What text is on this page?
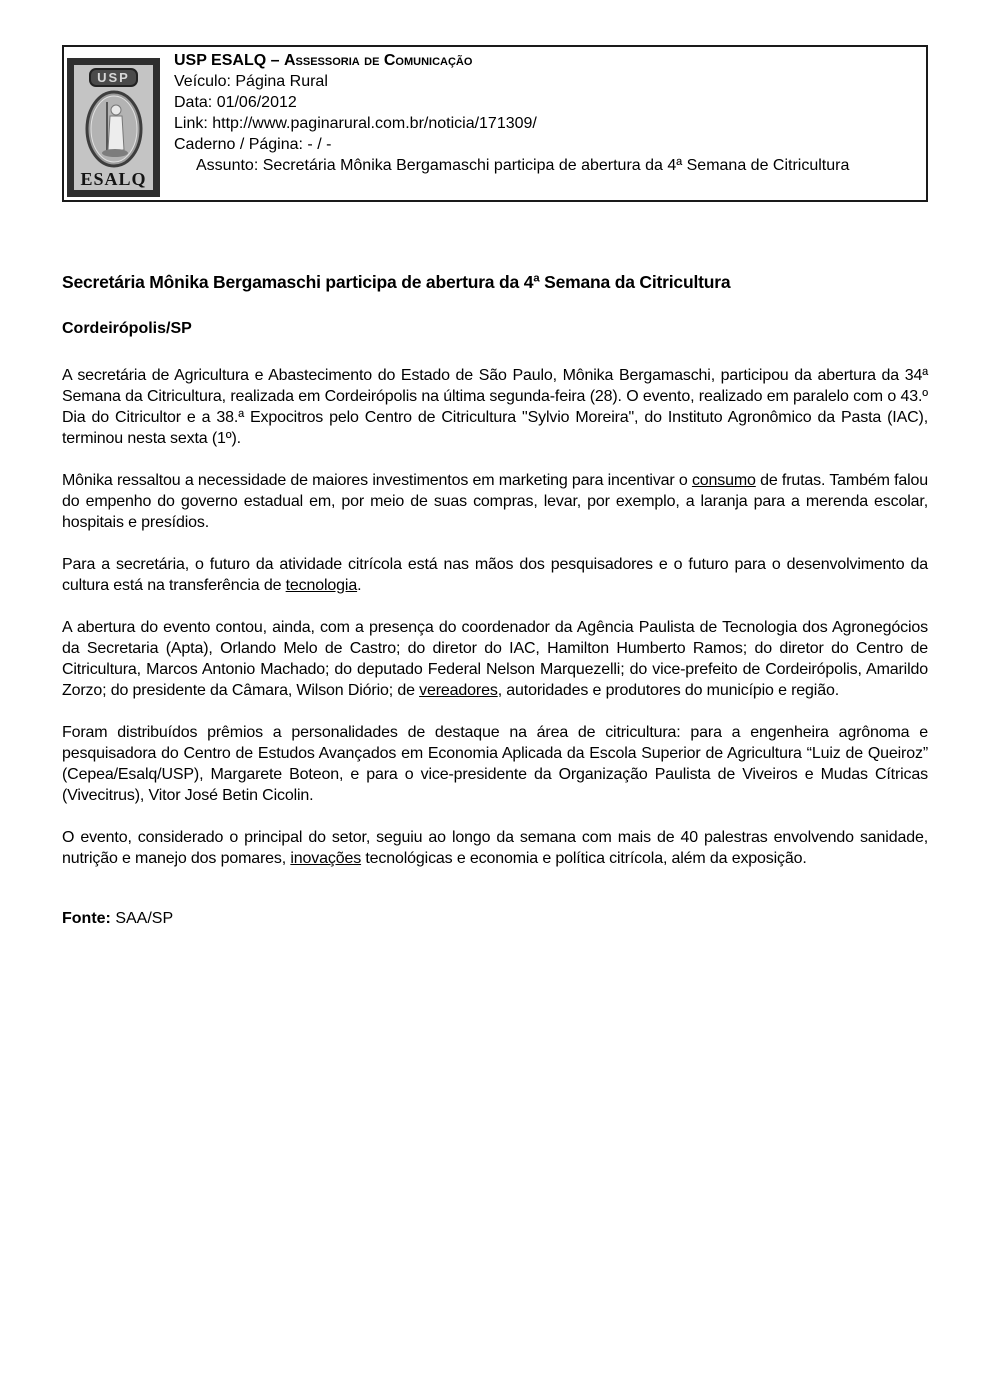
USP
ESALQ

USP ESALQ – Assessoria de Comunicação

Veículo: Página Rural

Data: 01/06/2012

Link: http://www.paginarural.com.br/noticia/171309/

Caderno / Página: - / -

Assunto: Secretária Mônika Bergamaschi participa de abertura da 4ª Semana de Citricultura

Secretária Mônika Bergamaschi participa de abertura da 4ª Semana da Citricultura

Cordeirópolis/SP

A secretária de Agricultura e Abastecimento do Estado de São Paulo, Mônika Bergamaschi, participou da abertura da 34ª Semana da Citricultura, realizada em Cordeirópolis na última segunda-feira (28). O evento, realizado em paralelo com o 43.º Dia do Citricultor e a 38.ª Expocitros pelo Centro de Citricultura "Sylvio Moreira", do Instituto Agronômico da Pasta (IAC), terminou nesta sexta (1º).

Mônika ressaltou a necessidade de maiores investimentos em marketing para incentivar o consumo de frutas. Também falou do empenho do governo estadual em, por meio de suas compras, levar, por exemplo, a laranja para a merenda escolar, hospitais e presídios.

Para a secretária, o futuro da atividade citrícola está nas mãos dos pesquisadores e o futuro para o desenvolvimento da cultura está na transferência de tecnologia.

A abertura do evento contou, ainda, com a presença do coordenador da Agência Paulista de Tecnologia dos Agronegócios da Secretaria (Apta), Orlando Melo de Castro; do diretor do IAC, Hamilton Humberto Ramos; do diretor do Centro de Citricultura, Marcos Antonio Machado; do deputado Federal Nelson Marquezelli; do vice-prefeito de Cordeirópolis, Amarildo Zorzo; do presidente da Câmara, Wilson Diório; de vereadores, autoridades e produtores do município e região.

Foram distribuídos prêmios a personalidades de destaque na área de citricultura: para a engenheira agrônoma e pesquisadora do Centro de Estudos Avançados em Economia Aplicada da Escola Superior de Agricultura “Luiz de Queiroz” (Cepea/Esalq/USP), Margarete Boteon, e para o vice-presidente da Organização Paulista de Viveiros e Mudas Cítricas (Vivecitrus), Vitor José Betin Cicolin.

O evento, considerado o principal do setor, seguiu ao longo da semana com mais de 40 palestras envolvendo sanidade, nutrição e manejo dos pomares, inovações tecnológicas e economia e política citrícola, além da exposição.

Fonte: SAA/SP
